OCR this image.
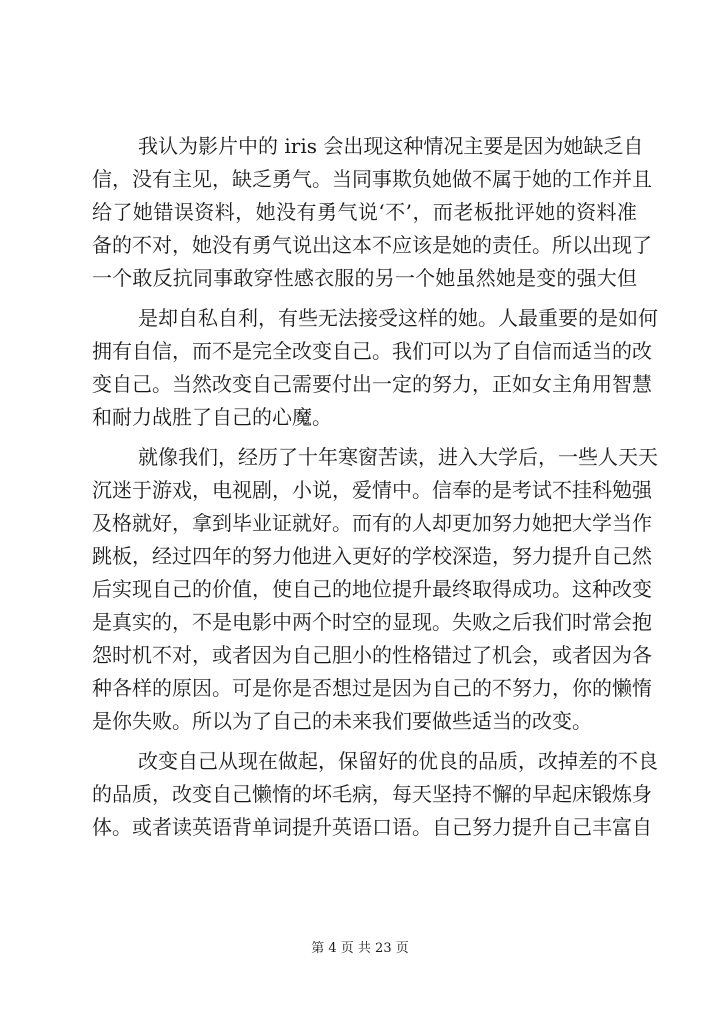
我认为影片中的 iris 会出现这种情况主要是因为她缺乏自
信，没有主见，缺乏勇气。当同事欺负她做不属于她的工作并且
给了她错误资料，她没有勇气说‘不’，而老板批评她的资料准
备的不对，她没有勇气说出这本不应该是她的责任。所以出现了
一个敢反抗同事敢穿性感衣服的另一个她虽然她是变的强大但
是却自私自利，有些无法接受这样的她。人最重要的是如何
拥有自信，而不是完全改变自己。我们可以为了自信而适当的改
变自己。当然改变自己需要付出一定的努力，正如女主角用智慧
和耐力战胜了自己的心魔。
就像我们，经历了十年寒窗苦读，进入大学后，一些人天天
沉迷于游戏，电视剧，小说，爱情中。信奉的是考试不挂科勉强
及格就好，拿到毕业证就好。而有的人却更加努力她把大学当作
跳板，经过四年的努力他进入更好的学校深造，努力提升自己然
后实现自己的价值，使自己的地位提升最终取得成功。这种改变
是真实的，不是电影中两个时空的显现。失败之后我们时常会抱
怨时机不对，或者因为自己胆小的性格错过了机会，或者因为各
种各样的原因。可是你是否想过是因为自己的不努力，你的懒惰
是你失败。所以为了自己的未来我们要做些适当的改变。
改变自己从现在做起，保留好的优良的品质，改掉差的不良
的品质，改变自己懒惰的坏毛病，每天坚持不懈的早起床锻炼身
体。或者读英语背单词提升英语口语。自己努力提升自己丰富自
第 4 页 共 23 页
